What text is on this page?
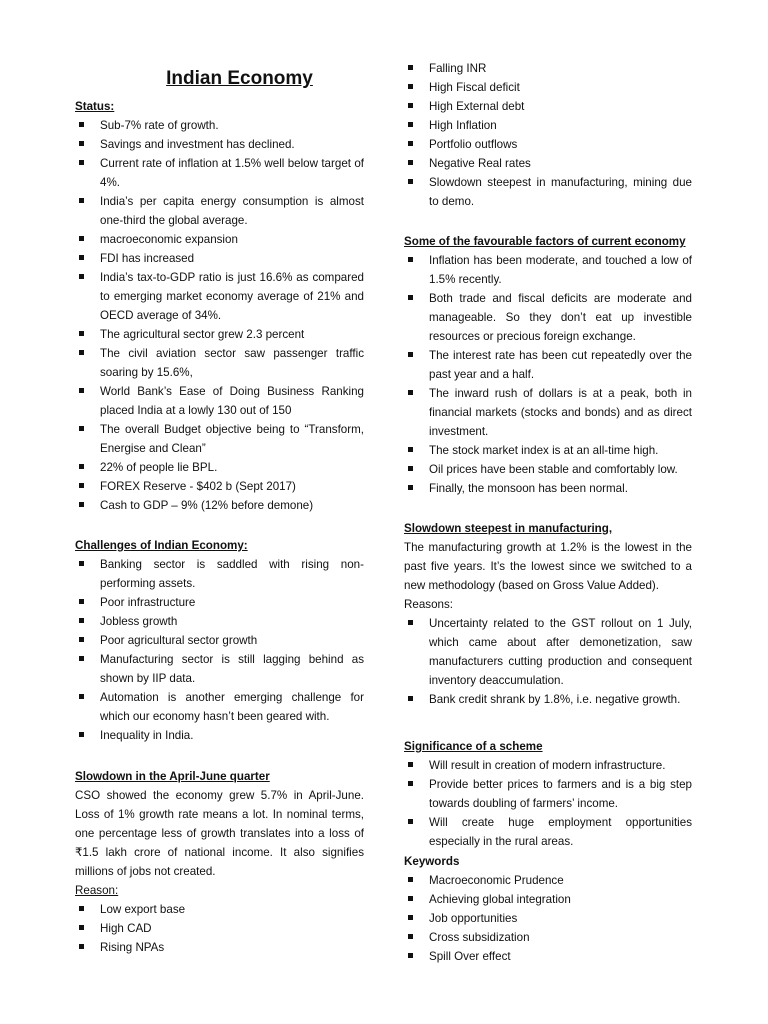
Indian Economy

Status:

Sub-7% rate of growth.
Savings and investment has declined.
Current rate of inflation at 1.5% well below target of 4%.
India’s per capita energy consumption is almost one-third the global average.
macroeconomic expansion
FDI has increased
India’s tax-to-GDP ratio is just 16.6% as compared to emerging market economy average of 21% and OECD average of 34%.
The agricultural sector grew 2.3 percent
The civil aviation sector saw passenger traffic soaring by 15.6%,
World Bank’s Ease of Doing Business Ranking placed India at a lowly 130 out of 150
The overall Budget objective being to “Transform, Energise and Clean”
22% of people lie BPL.
FOREX Reserve - $402 b (Sept 2017)
Cash to GDP – 9% (12% before demone)

Challenges of Indian Economy:

Banking sector is saddled with rising non-performing assets.
Poor infrastructure
Jobless growth
Poor agricultural sector growth
Manufacturing sector is still lagging behind as shown by IIP data.
Automation is another emerging challenge for which our economy hasn’t been geared with.
Inequality in India.

Slowdown in the April-June quarter

CSO showed the economy grew 5.7% in April-June. Loss of 1% growth rate means a lot. In nominal terms, one percentage less of growth translates into a loss of ₹1.5 lakh crore of national income. It also signifies millions of jobs not created.

Reason:

Low export base
High CAD
Rising NPAs
Falling INR
High Fiscal deficit
High External debt
High Inflation
Portfolio outflows
Negative Real rates
Slowdown steepest in manufacturing, mining due to demo.

Some of the favourable factors of current economy

Inflation has been moderate, and touched a low of 1.5% recently.
Both trade and fiscal deficits are moderate and manageable. So they don’t eat up investible resources or precious foreign exchange.
The interest rate has been cut repeatedly over the past year and a half.
The inward rush of dollars is at a peak, both in financial markets (stocks and bonds) and as direct investment.
The stock market index is at an all-time high.
Oil prices have been stable and comfortably low.
Finally, the monsoon has been normal.

Slowdown steepest in manufacturing,

The manufacturing growth at 1.2% is the lowest in the past five years. It’s the lowest since we switched to a new methodology (based on Gross Value Added).

Reasons:

Uncertainty related to the GST rollout on 1 July, which came about after demonetization, saw manufacturers cutting production and consequent inventory deaccumulation.
Bank credit shrank by 1.8%, i.e. negative growth.

Significance of a scheme

Will result in creation of modern infrastructure.
Provide better prices to farmers and is a big step towards doubling of farmers’ income.
Will create huge employment opportunities especially in the rural areas.

Keywords

Macroeconomic Prudence
Achieving global integration
Job opportunities
Cross subsidization
Spill Over effect
